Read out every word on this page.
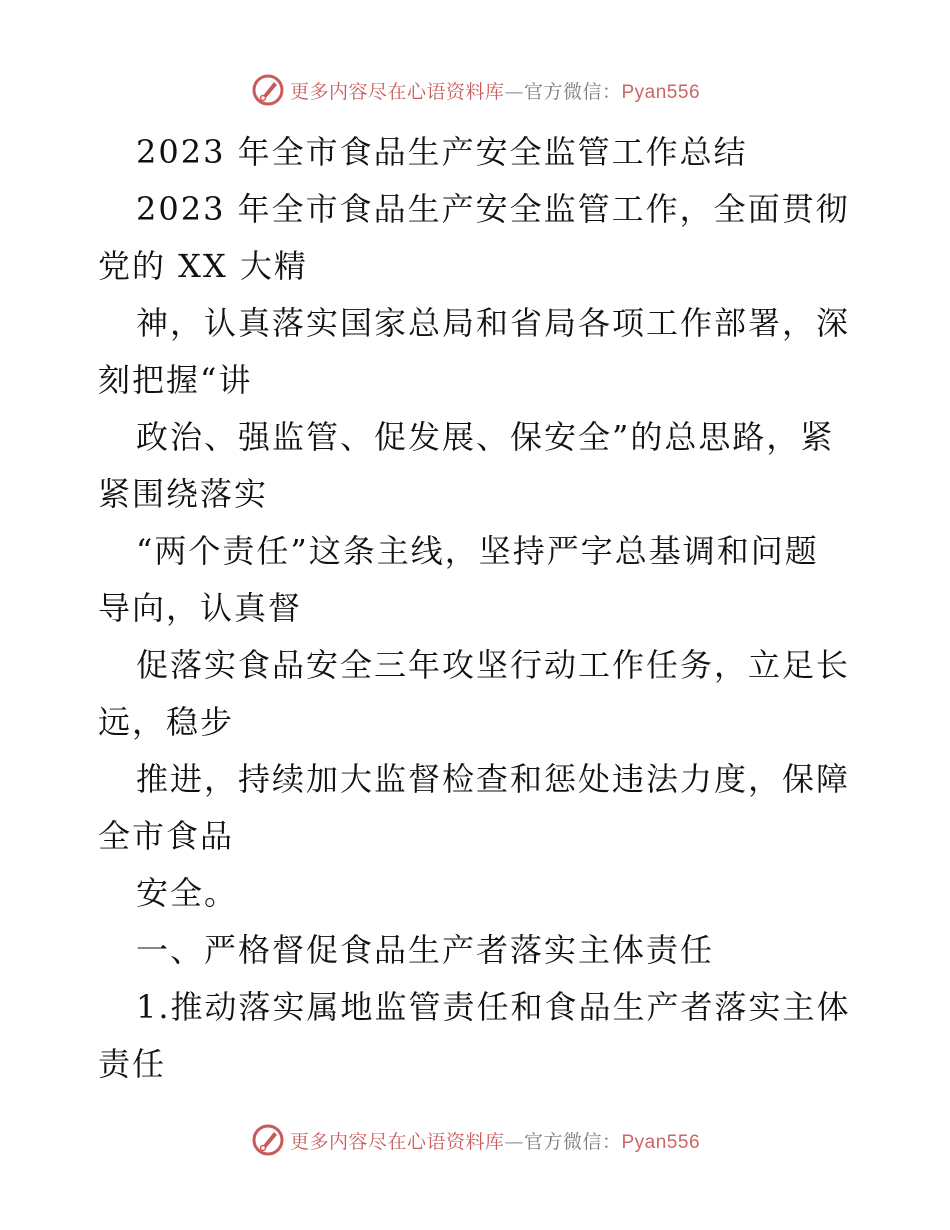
更多内容尽在心语资料库—官方微信：Pyan556
2023 年全市食品生产安全监管工作总结
2023 年全市食品生产安全监管工作，全面贯彻
党的 XX 大精
神，认真落实国家总局和省局各项工作部署，深
刻把握“讲
政治、强监管、促发展、保安全”的总思路，紧
紧围绕落实
“两个责任”这条主线，坚持严字总基调和问题
导向，认真督
促落实食品安全三年攻坚行动工作任务，立足长
远，稳步
推进，持续加大监督检查和惩处违法力度，保障
全市食品
安全。
一、严格督促食品生产者落实主体责任
1.推动落实属地监管责任和食品生产者落实主体
责任
更多内容尽在心语资料库—官方微信：Pyan556
